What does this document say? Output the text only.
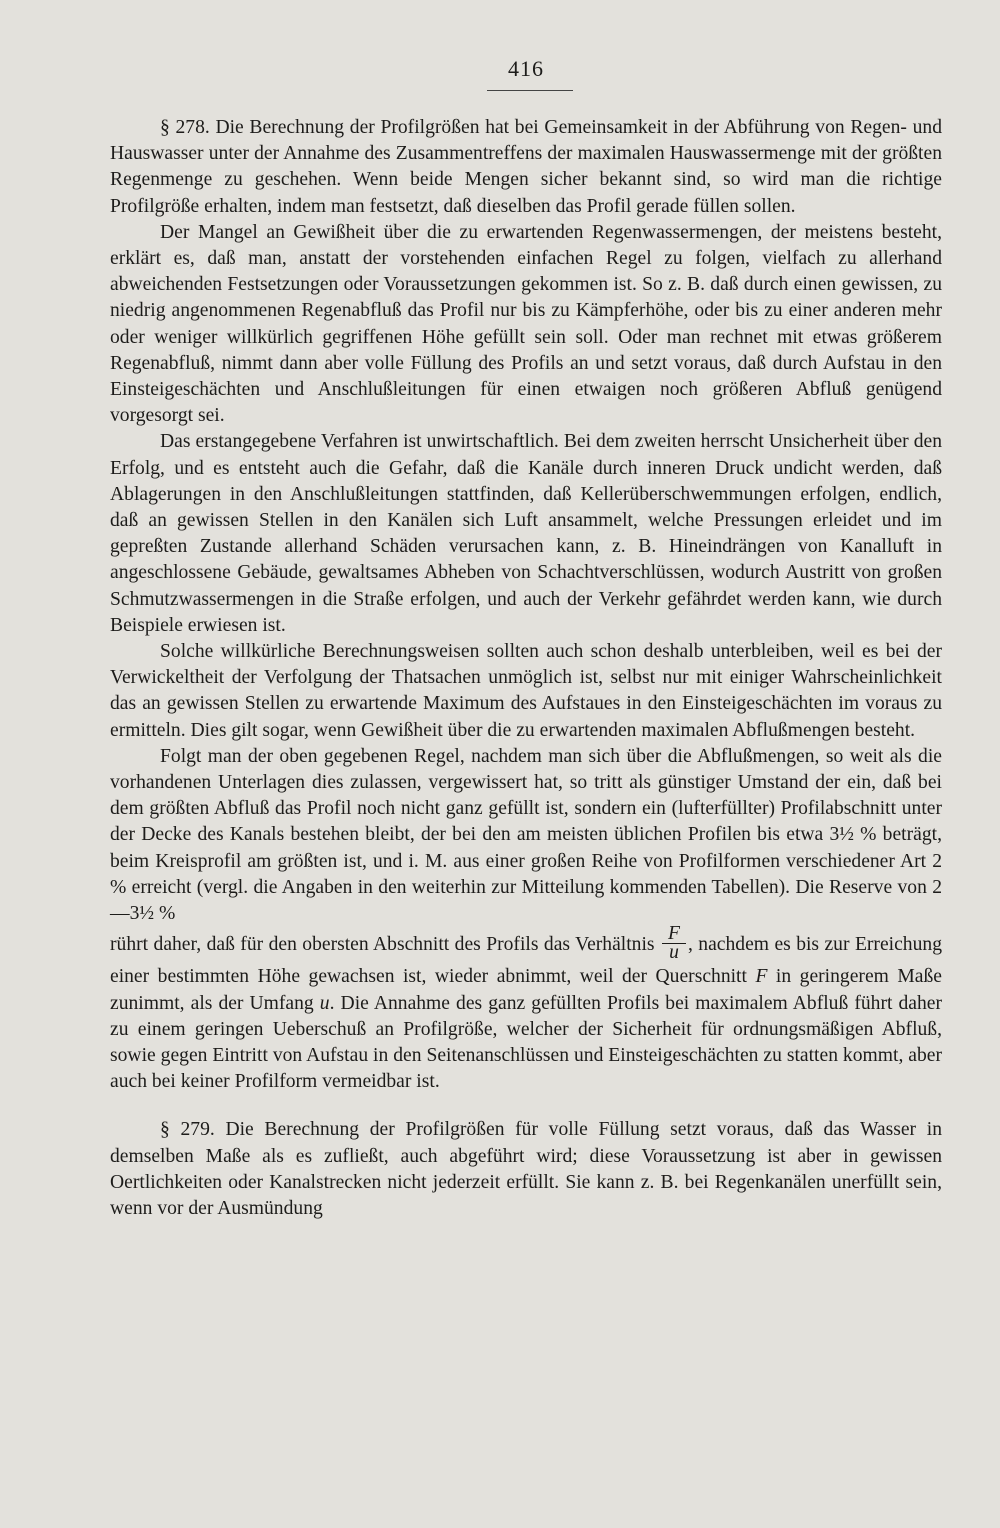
416

§ 278. Die Berechnung der Profilgrößen hat bei Gemeinsamkeit in der Abführung von Regen- und Hauswasser unter der Annahme des Zusammentreffens der maximalen Hauswassermenge mit der größten Regenmenge zu geschehen. Wenn beide Mengen sicher bekannt sind, so wird man die richtige Profilgröße erhalten, indem man festsetzt, daß dieselben das Profil gerade füllen sollen.

Der Mangel an Gewißheit über die zu erwartenden Regenwassermengen, der meistens besteht, erklärt es, daß man, anstatt der vorstehenden einfachen Regel zu folgen, vielfach zu allerhand abweichenden Festsetzungen oder Voraussetzungen gekommen ist. So z. B. daß durch einen gewissen, zu niedrig angenommenen Regenabfluß das Profil nur bis zu Kämpferhöhe, oder bis zu einer anderen mehr oder weniger willkürlich gegriffenen Höhe gefüllt sein soll. Oder man rechnet mit etwas größerem Regenabfluß, nimmt dann aber volle Füllung des Profils an und setzt voraus, daß durch Aufstau in den Einsteigeschächten und Anschlußleitungen für einen etwaigen noch größeren Abfluß genügend vorgesorgt sei.

Das erstangegebene Verfahren ist unwirtschaftlich. Bei dem zweiten herrscht Unsicherheit über den Erfolg, und es entsteht auch die Gefahr, daß die Kanäle durch inneren Druck undicht werden, daß Ablagerungen in den Anschlußleitungen stattfinden, daß Kellerüberschwemmungen erfolgen, endlich, daß an gewissen Stellen in den Kanälen sich Luft ansammelt, welche Pressungen erleidet und im gepreßten Zustande allerhand Schäden verursachen kann, z. B. Hineindrängen von Kanalluft in angeschlossene Gebäude, gewaltsames Abheben von Schachtverschlüssen, wodurch Austritt von großen Schmutzwassermengen in die Straße erfolgen, und auch der Verkehr gefährdet werden kann, wie durch Beispiele erwiesen ist.

Solche willkürliche Berechnungsweisen sollten auch schon deshalb unterbleiben, weil es bei der Verwickeltheit der Verfolgung der Thatsachen unmöglich ist, selbst nur mit einiger Wahrscheinlichkeit das an gewissen Stellen zu erwartende Maximum des Aufstaues in den Einsteigeschächten im voraus zu ermitteln. Dies gilt sogar, wenn Gewißheit über die zu erwartenden maximalen Abflußmengen besteht.

Folgt man der oben gegebenen Regel, nachdem man sich über die Abflußmengen, so weit als die vorhandenen Unterlagen dies zulassen, vergewissert hat, so tritt als günstiger Umstand der ein, daß bei dem größten Abfluß das Profil noch nicht ganz gefüllt ist, sondern ein (lufterfüllter) Profilabschnitt unter der Decke des Kanals bestehen bleibt, der bei den am meisten üblichen Profilen bis etwa 3½ % beträgt, beim Kreisprofil am größten ist, und i. M. aus einer großen Reihe von Profilformen verschiedener Art 2 % erreicht (vergl. die Angaben in den weiterhin zur Mitteilung kommenden Tabellen). Die Reserve von 2—3½ %

rührt daher, daß für den obersten Abschnitt des Profils das Verhältnis $\frac{F}{u}$ , nachdem es bis zur Erreichung einer bestimmten Höhe gewachsen ist, wieder abnimmt, weil der Querschnitt F in geringerem Maße zunimmt, als der Umfang u. Die Annahme des ganz gefüllten Profils bei maximalem Abfluß führt daher zu einem geringen Ueberschuß an Profilgröße, welcher der Sicherheit für ordnungsmäßigen Abfluß, sowie gegen Eintritt von Aufstau in den Seitenanschlüssen und Einsteigeschächten zu statten kommt, aber auch bei keiner Profilform vermeidbar ist.

§ 279. Die Berechnung der Profilgrößen für volle Füllung setzt voraus, daß das Wasser in demselben Maße als es zufließt, auch abgeführt wird; diese Voraussetzung ist aber in gewissen Oertlichkeiten oder Kanalstrecken nicht jederzeit erfüllt. Sie kann z. B. bei Regenkanälen unerfüllt sein, wenn vor der Ausmündung
